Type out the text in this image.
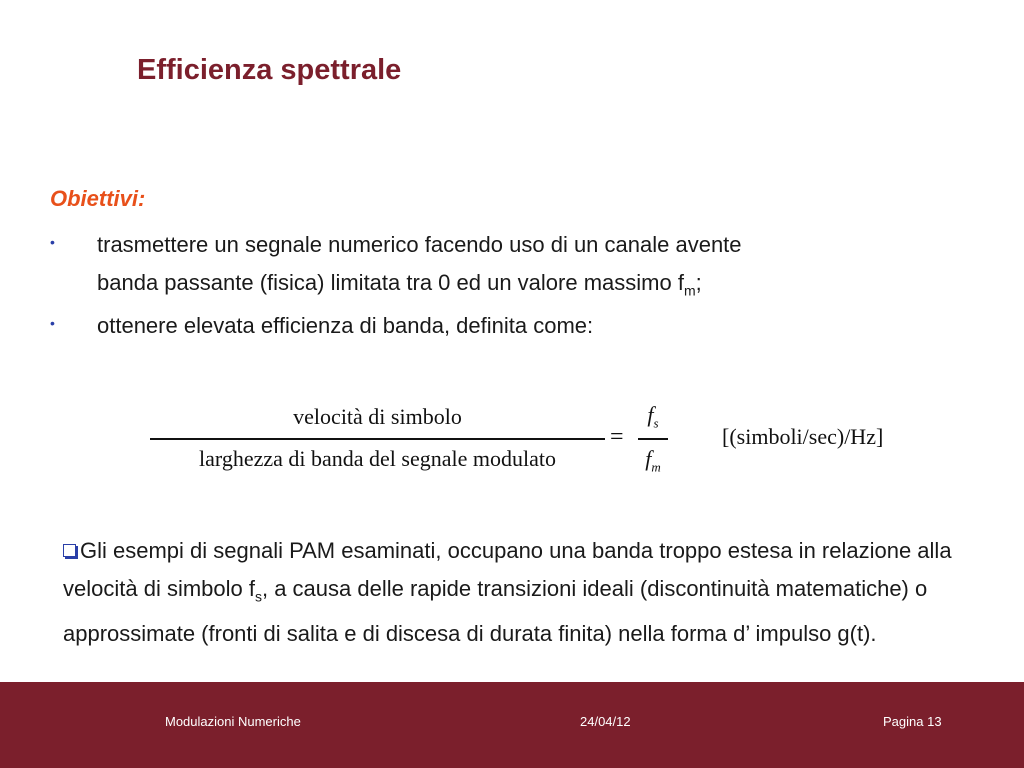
Efficienza spettrale
Obiettivi:
• trasmettere un segnale numerico facendo uso di un canale avente
banda passante (fisica) limitata tra 0 ed un valore massimo $f_m$;
• ottenere elevata efficienza di banda, definita come:
velocità di simbolo
larghezza di banda del segnale modulato
=
$f_s$
$f_m$
[(simboli/sec)/Hz]
Gli esempi di segnali PAM esaminati, occupano una banda troppo estesa in relazione alla velocità di simbolo $f_s$, a causa delle rapide transizioni ideali (discontinuità matematiche) o approssimate (fronti di salita e di discesa di durata finita) nella forma d’ impulso g(t).
Modulazioni Numeriche	24/04/12	Pagina 13
